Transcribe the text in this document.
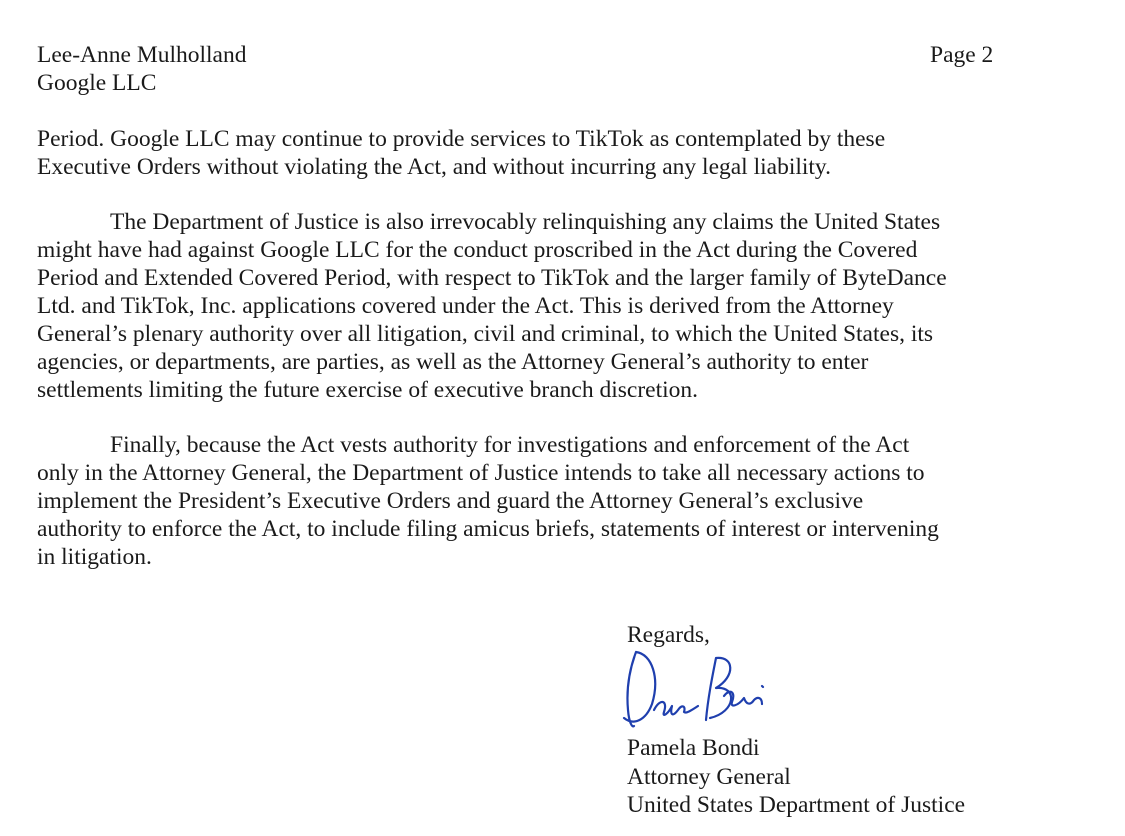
Lee-Anne Mulholland
Google LLC
Page 2

Period. Google LLC may continue to provide services to TikTok as contemplated by these
Executive Orders without violating the Act, and without incurring any legal liability.

The Department of Justice is also irrevocably relinquishing any claims the United States
might have had against Google LLC for the conduct proscribed in the Act during the Covered
Period and Extended Covered Period, with respect to TikTok and the larger family of ByteDance
Ltd. and TikTok, Inc. applications covered under the Act. This is derived from the Attorney
General’s plenary authority over all litigation, civil and criminal, to which the United States, its
agencies, or departments, are parties, as well as the Attorney General’s authority to enter
settlements limiting the future exercise of executive branch discretion.

Finally, because the Act vests authority for investigations and enforcement of the Act
only in the Attorney General, the Department of Justice intends to take all necessary actions to
implement the President’s Executive Orders and guard the Attorney General’s exclusive
authority to enforce the Act, to include filing amicus briefs, statements of interest or intervening
in litigation.

Regards,
Pamela Bondi
Attorney General
United States Department of Justice
